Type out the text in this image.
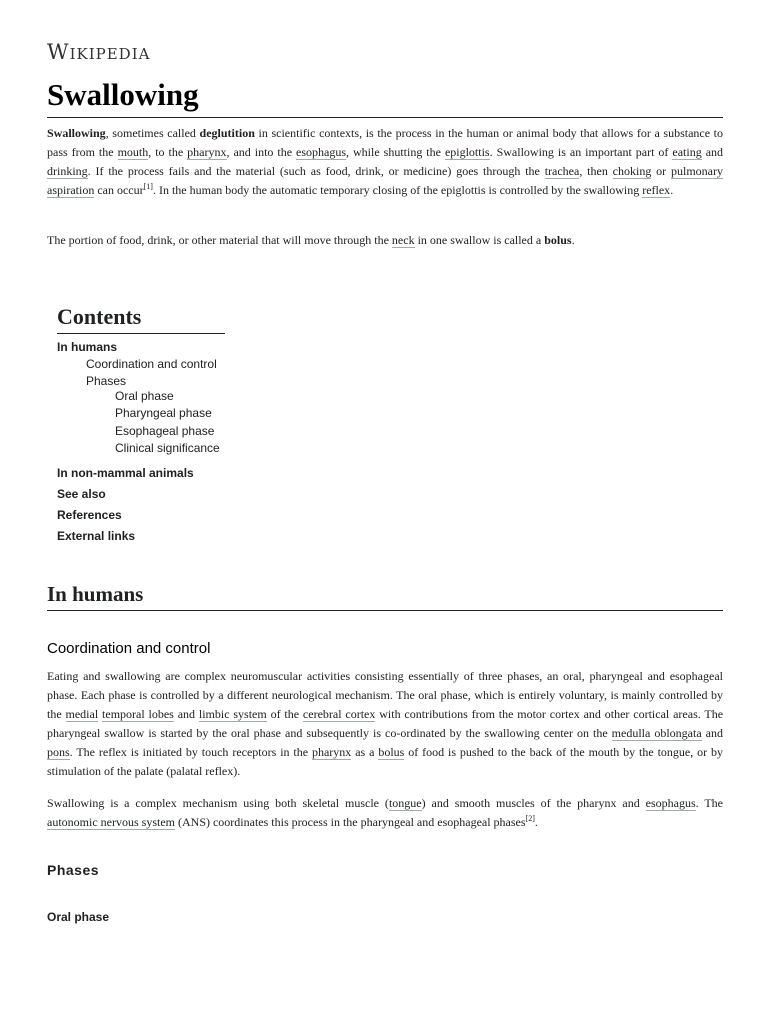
Wikipedia
Swallowing

Swallowing, sometimes called deglutition in scientific contexts, is the process in the human or animal body that allows for a substance to pass from the mouth, to the pharynx, and into the esophagus, while shutting the epiglottis. Swallowing is an important part of eating and drinking. If the process fails and the material (such as food, drink, or medicine) goes through the trachea, then choking or pulmonary aspiration can occur[1]. In the human body the automatic temporary closing of the epiglottis is controlled by the swallowing reflex.

The portion of food, drink, or other material that will move through the neck in one swallow is called a bolus.

Contents
In humans
Coordination and control
Phases
Oral phase
Pharyngeal phase
Esophageal phase
Clinical significance
In non-mammal animals
See also
References
External links
In humans
Coordination and control

Eating and swallowing are complex neuromuscular activities consisting essentially of three phases, an oral, pharyngeal and esophageal phase. Each phase is controlled by a different neurological mechanism. The oral phase, which is entirely voluntary, is mainly controlled by the medial temporal lobes and limbic system of the cerebral cortex with contributions from the motor cortex and other cortical areas. The pharyngeal swallow is started by the oral phase and subsequently is co-ordinated by the swallowing center on the medulla oblongata and pons. The reflex is initiated by touch receptors in the pharynx as a bolus of food is pushed to the back of the mouth by the tongue, or by stimulation of the palate (palatal reflex).

Swallowing is a complex mechanism using both skeletal muscle (tongue) and smooth muscles of the pharynx and esophagus. The autonomic nervous system (ANS) coordinates this process in the pharyngeal and esophageal phases[2].

Phases
Oral phase
